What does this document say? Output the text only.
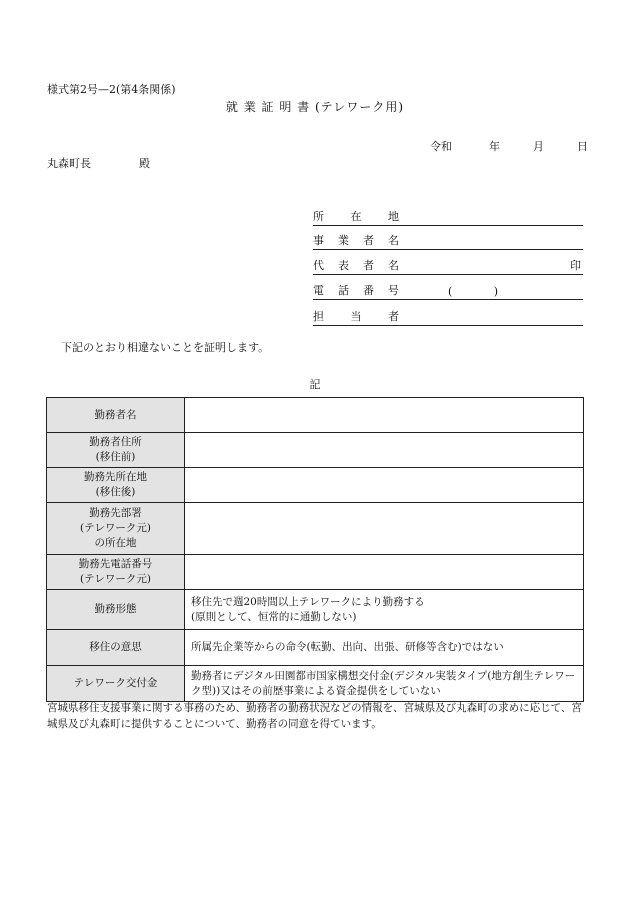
様式第2号—2(第4条関係)
就 業 証 明 書 (テレワーク用)
令和	年	月	日
丸森町長	殿
所 在 地
事 業 者 名
代 表 者 名	印
電 話 番 号	(	)
担 当 者
下記のとおり相違ないことを証明します。
記
勤務者名	

勤務者住所
(移住前)	

勤務先所在地
(移住後)	

勤務先部署
(テレワーク元)
の所在地	

勤務先電話番号
(テレワーク元)	

勤務形態	移住先で週20時間以上テレワークにより勤務する
(原則として、恒常的に通勤しない)

移住の意思	所属先企業等からの命令(転勤、出向、出張、研修等含む)ではない
テレワーク交付金	勤務者にデジタル田園都市国家構想交付金(デジタル実装タイプ(地方創生テレワーク型))又はその前歴事業による資金提供をしていない
宮城県移住支援事業に関する事務のため、勤務者の勤務状況などの情報を、宮城県及び丸森町の求めに応じて、宮城県及び丸森町に提供することについて、勤務者の同意を得ています。
